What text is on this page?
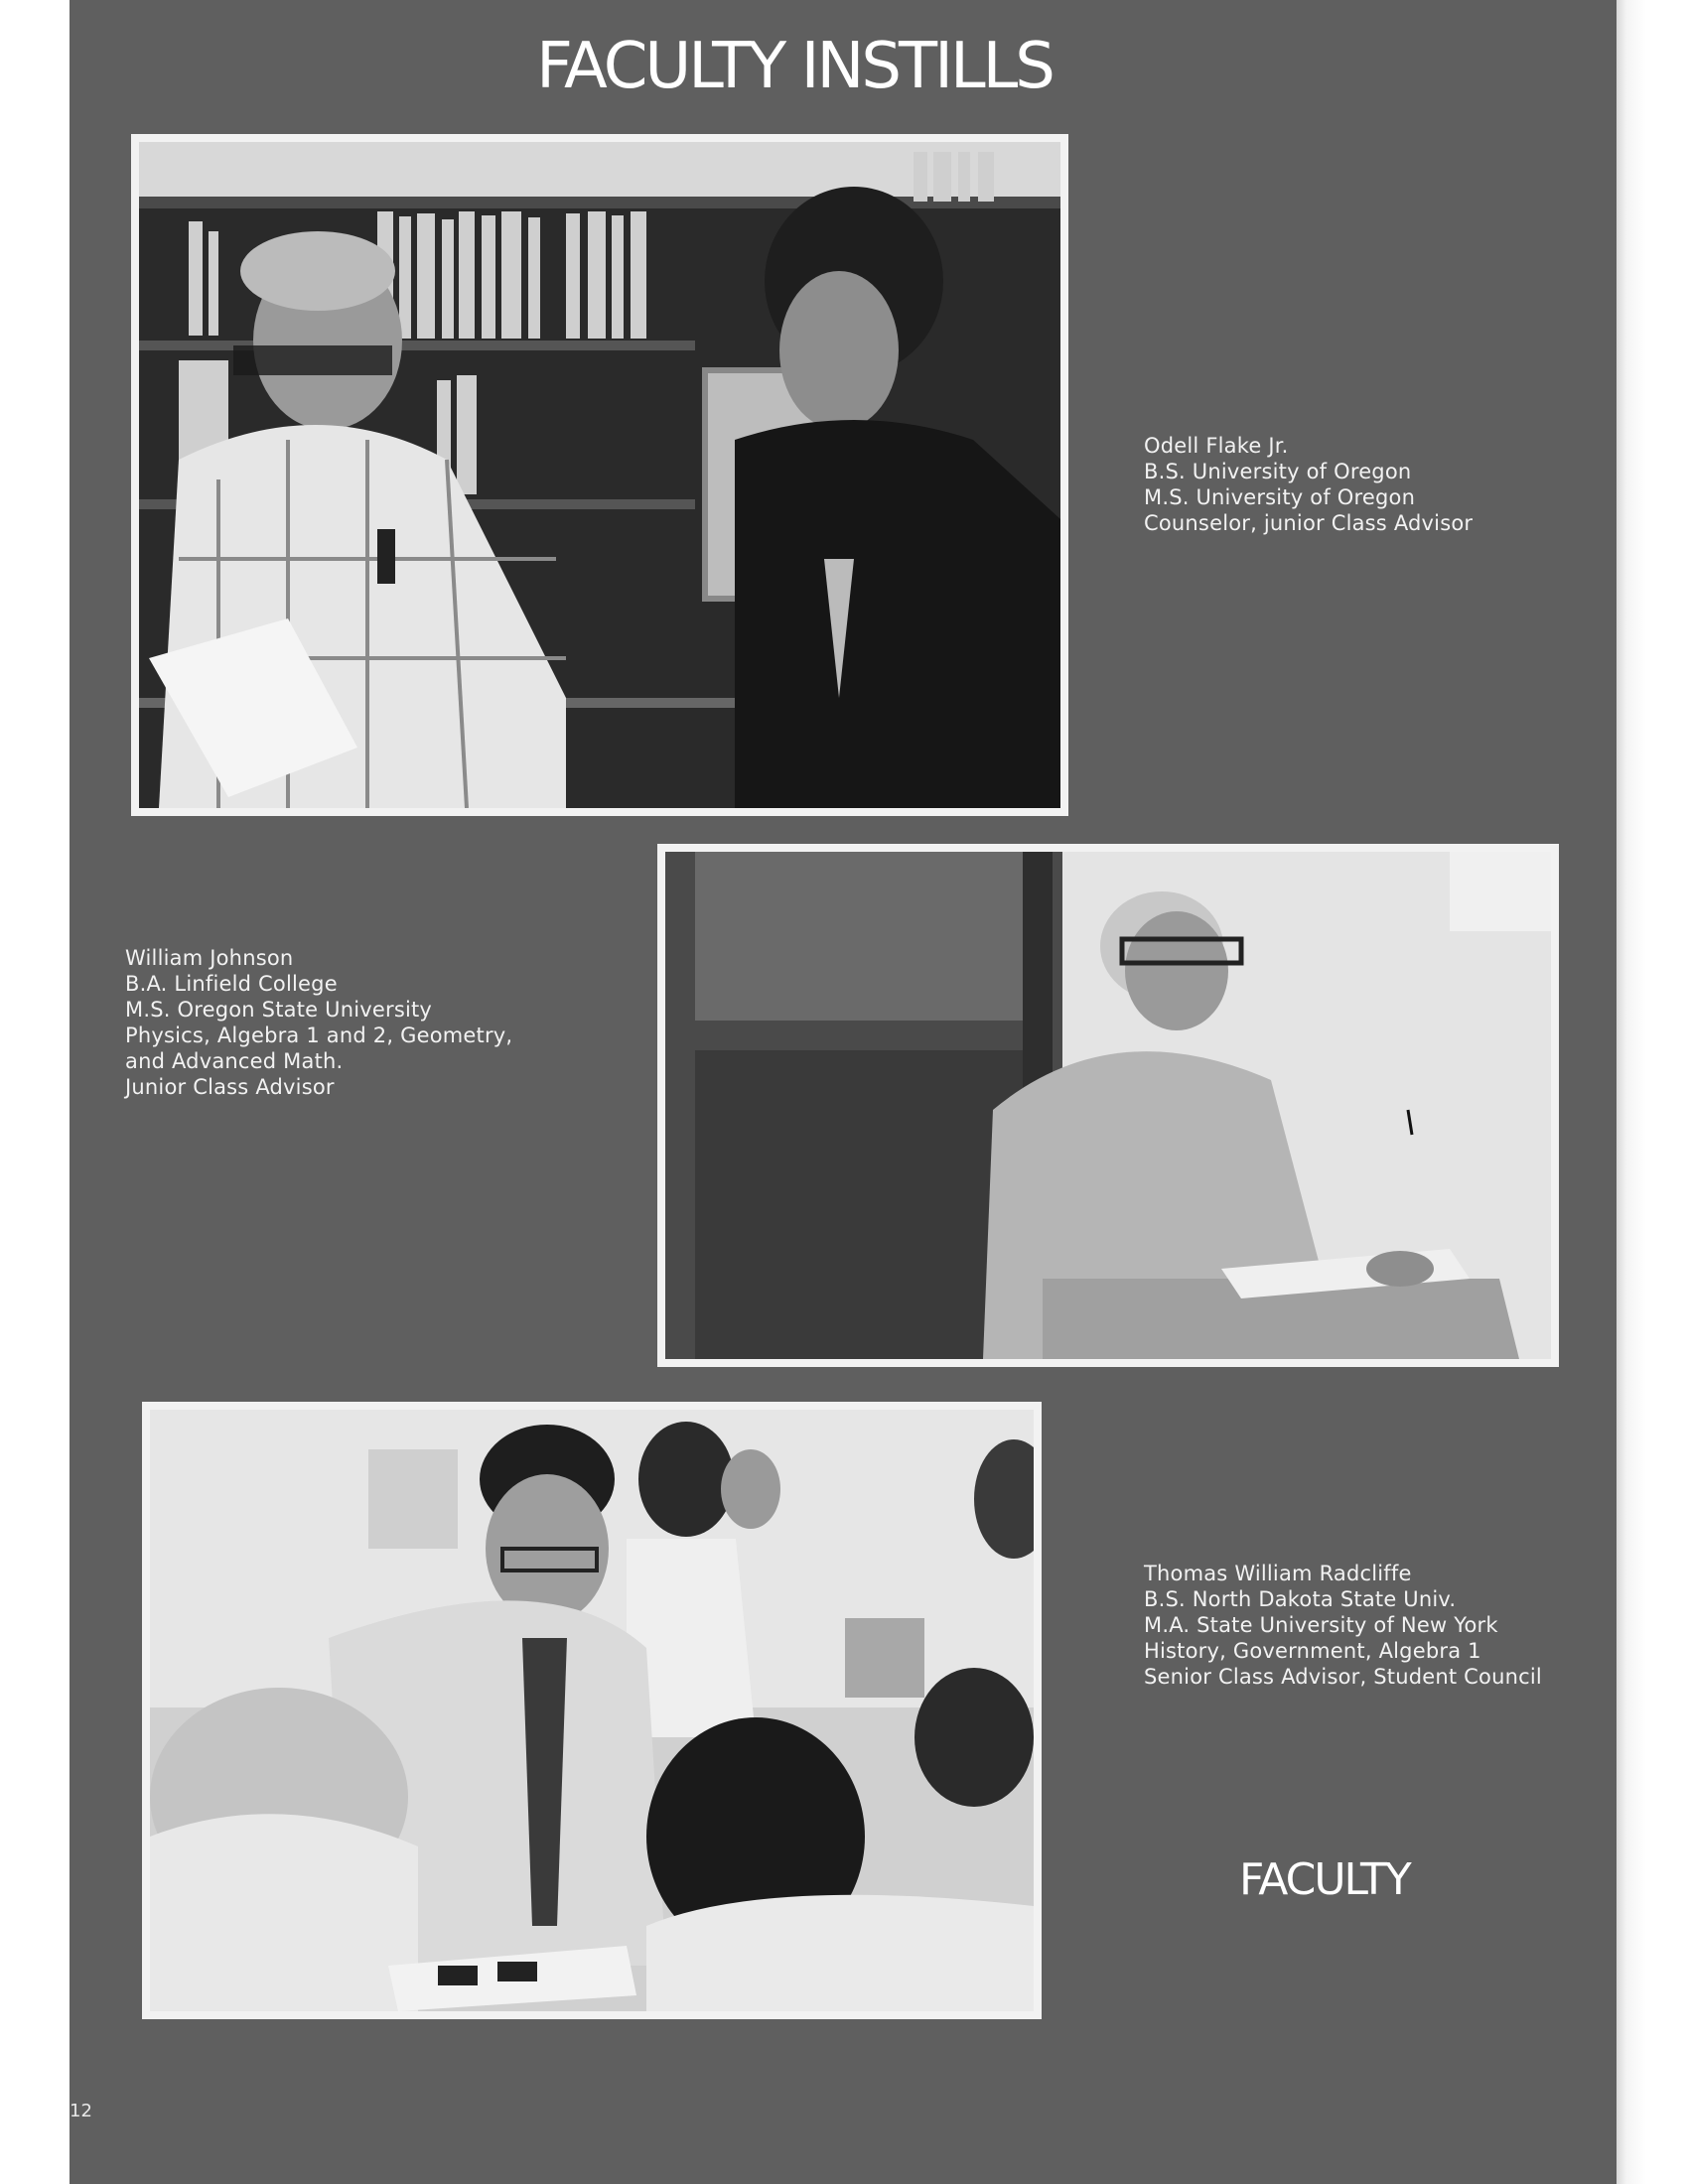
FACULTY INSTILLS
Odell Flake Jr.
B.S. University of Oregon
M.S. University of Oregon
Counselor, junior Class Advisor
William Johnson
B.A. Linfield College
M.S. Oregon State University
Physics, Algebra 1 and 2, Geometry,
and Advanced Math.
Junior Class Advisor
Thomas William Radcliffe
B.S. North Dakota State Univ.
M.A. State University of New York
History, Government, Algebra 1
Senior Class Advisor, Student Council
FACULTY
12
